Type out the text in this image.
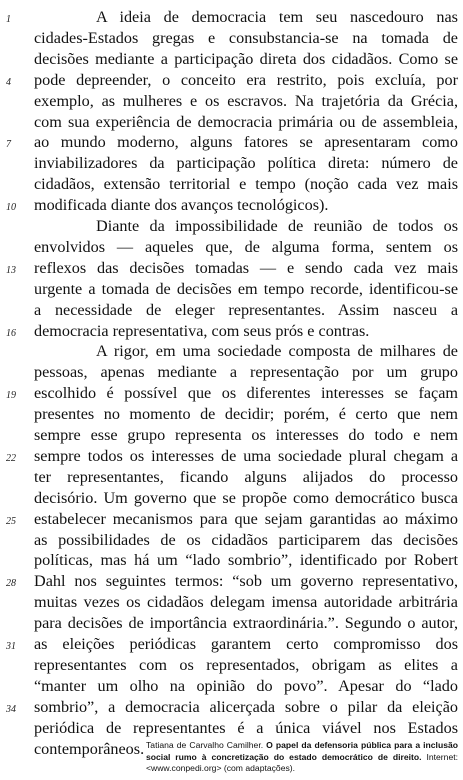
A ideia de democracia tem seu nascedouro nas
cidades-Estados gregas e consubstancia-se na tomada de
decisões mediante a participação direta dos cidadãos. Como se
pode depreender, o conceito era restrito, pois excluía, por
exemplo, as mulheres e os escravos. Na trajetória da Grécia,
com sua experiência de democracia primária ou de assembleia,
ao mundo moderno, alguns fatores se apresentaram como
inviabilizadores da participação política direta: número de
cidadãos, extensão territorial e tempo (noção cada vez mais
modificada diante dos avanços tecnológicos).
Diante da impossibilidade de reunião de todos os
envolvidos — aqueles que, de alguma forma, sentem os
reflexos das decisões tomadas — e sendo cada vez mais
urgente a tomada de decisões em tempo recorde, identificou-se
a necessidade de eleger representantes. Assim nasceu a
democracia representativa, com seus prós e contras.
A rigor, em uma sociedade composta de milhares de
pessoas, apenas mediante a representação por um grupo
escolhido é possível que os diferentes interesses se façam
presentes no momento de decidir; porém, é certo que nem
sempre esse grupo representa os interesses do todo e nem
sempre todos os interesses de uma sociedade plural chegam a
ter representantes, ficando alguns alijados do processo
decisório. Um governo que se propõe como democrático busca
estabelecer mecanismos para que sejam garantidas ao máximo
as possibilidades de os cidadãos participarem das decisões
políticas, mas há um “lado sombrio”, identificado por Robert
Dahl nos seguintes termos: “sob um governo representativo,
muitas vezes os cidadãos delegam imensa autoridade arbitrária
para decisões de importância extraordinária.”. Segundo o autor,
as eleições periódicas garantem certo compromisso dos
representantes com os representados, obrigam as elites a
“manter um olho na opinião do povo”. Apesar do “lado
sombrio”, a democracia alicerçada sobre o pilar da eleição
periódica de representantes é a única viável nos Estados
contemporâneos.
1
4
7
10
13
16
19
22
25
28
31
34
Tatiana de Carvalho Camilher. O papel da defensoria pública para a inclusão social rumo à concretização do estado democrático de direito. Internet: <www.conpedi.org> (com adaptações).
